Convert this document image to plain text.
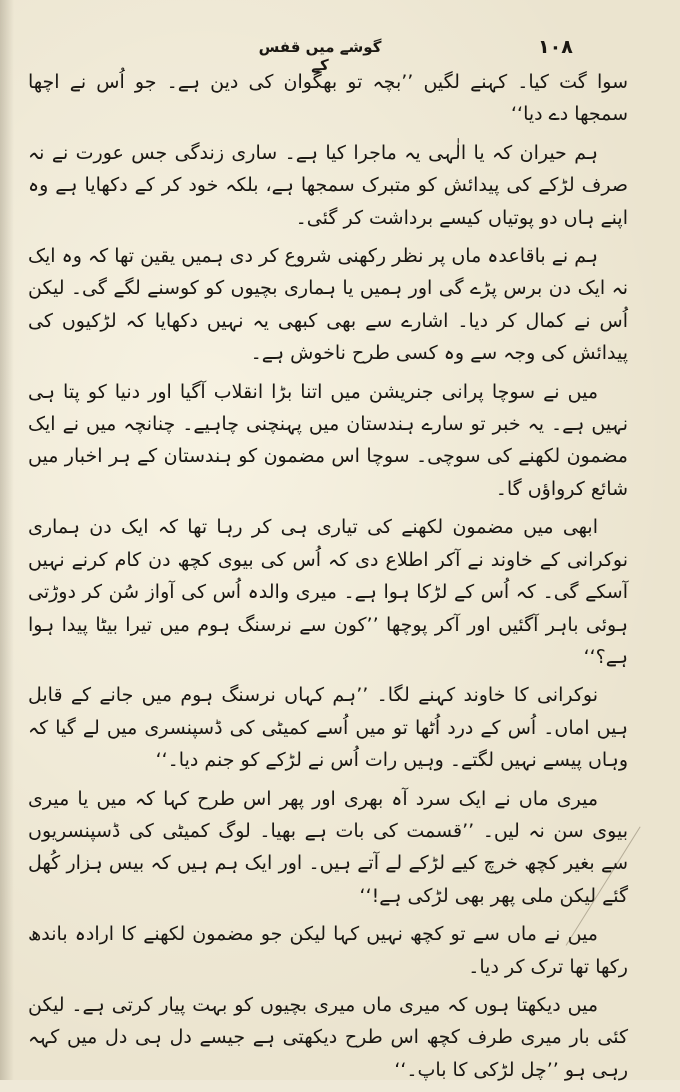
گوشے میں قفس کے
۱۰۸

سوا گت کیا۔ کہنے لگیں ’’بچہ تو بھگوان کی دین ہے۔ جو اُس نے اچھا سمجھا دے دیا‘‘

ہم حیران کہ یا الٰہی یہ ماجرا کیا ہے۔ ساری زندگی جس عورت نے نہ صرف لڑکے کی پیدائش کو متبرک سمجھا ہے، بلکہ خود کر کے دکھایا ہے وہ اپنے ہاں دو پوتیاں کیسے برداشت کر گئی۔

ہم نے باقاعدہ ماں پر نظر رکھنی شروع کر دی ہمیں یقین تھا کہ وہ ایک نہ ایک دن برس پڑے گی اور ہمیں یا ہماری بچیوں کو کوسنے لگے گی۔ لیکن اُس نے کمال کر دیا۔ اشارے سے بھی کبھی یہ نہیں دکھایا کہ لڑکیوں کی پیدائش کی وجہ سے وہ کسی طرح ناخوش ہے۔

میں نے سوچا پرانی جنریشن میں اتنا بڑا انقلاب آگیا اور دنیا کو پتا ہی نہیں ہے۔ یہ خبر تو سارے ہندستان میں پہنچنی چاہیے۔ چنانچہ میں نے ایک مضمون لکھنے کی سوچی۔ سوچا اس مضمون کو ہندستان کے ہر اخبار میں شائع کرواؤں گا۔

ابھی میں مضمون لکھنے کی تیاری ہی کر رہا تھا کہ ایک دن ہماری نوکرانی کے خاوند نے آکر اطلاع دی کہ اُس کی بیوی کچھ دن کام کرنے نہیں آسکے گی۔ کہ اُس کے لڑکا ہوا ہے۔ میری والدہ اُس کی آواز سُن کر دوڑتی ہوئی باہر آگئیں اور آکر پوچھا ’’کون سے نرسنگ ہوم میں تیرا بیٹا پیدا ہوا ہے؟‘‘

نوکرانی کا خاوند کہنے لگا۔ ’’ہم کہاں نرسنگ ہوم میں جانے کے قابل ہیں اماں۔ اُس کے درد اُٹھا تو میں اُسے کمیٹی کی ڈسپنسری میں لے گیا کہ وہاں پیسے نہیں لگتے۔ وہیں رات اُس نے لڑکے کو جنم دیا۔‘‘

میری ماں نے ایک سرد آہ بھری اور پھر اس طرح کہا کہ میں یا میری بیوی سن نہ لیں۔ ’’قسمت کی بات ہے بھیا۔ لوگ کمیٹی کی ڈسپنسریوں سے بغیر کچھ خرچ کیے لڑکے لے آتے ہیں۔ اور ایک ہم ہیں کہ بیس ہزار کُھل گئے لیکن ملی پھر بھی لڑکی ہے!‘‘

میں نے ماں سے تو کچھ نہیں کہا لیکن جو مضمون لکھنے کا ارادہ باندھ رکھا تھا ترک کر دیا۔

میں دیکھتا ہوں کہ میری ماں میری بچیوں کو بہت پیار کرتی ہے۔ لیکن کئی بار میری طرف کچھ اس طرح دیکھتی ہے جیسے دل ہی دل میں کہہ رہی ہو ’’چل لڑکی کا باپ۔‘‘
